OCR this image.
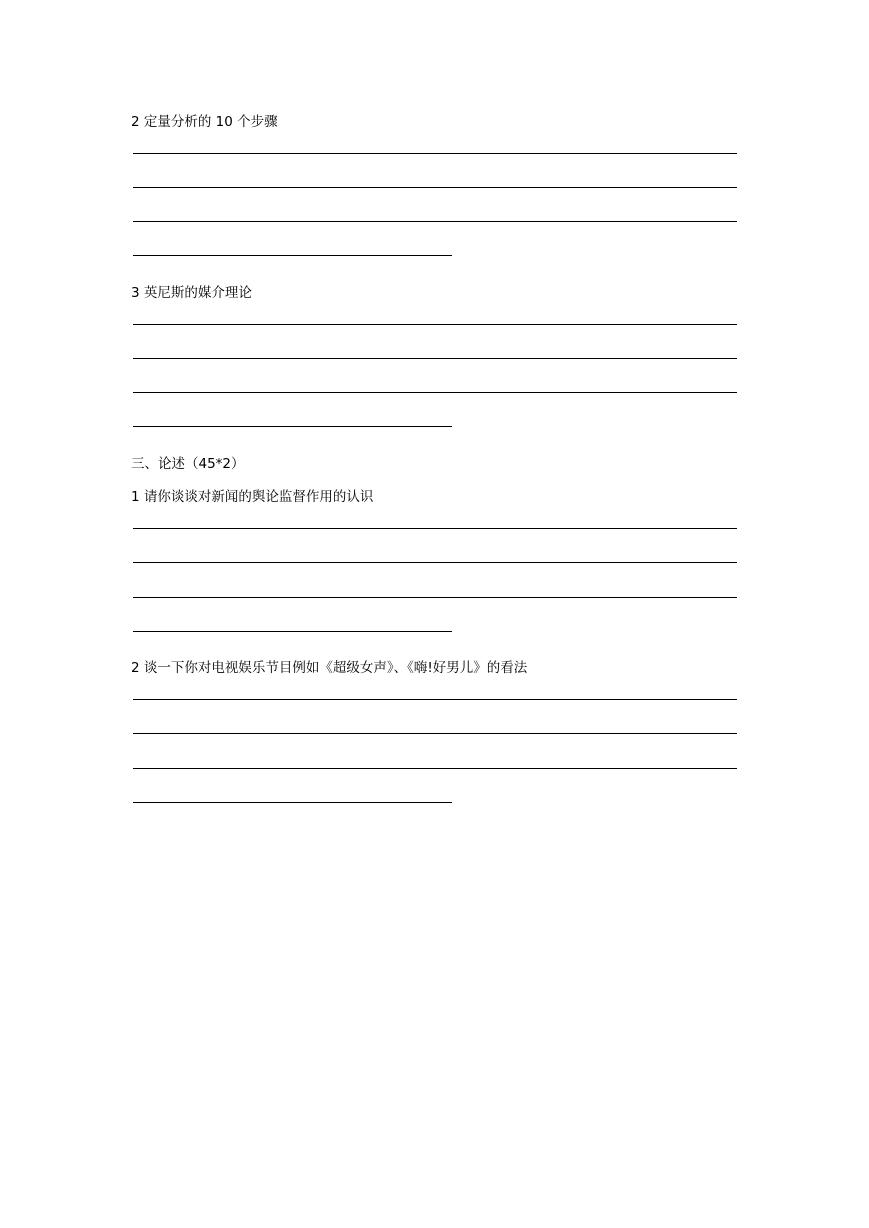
2 定量分析的 10 个步骤
3 英尼斯的媒介理论
三、论述（45*2）
1 请你谈谈对新闻的舆论监督作用的认识
2 谈一下你对电视娱乐节目例如《超级女声》、《嗨!好男儿》的看法
